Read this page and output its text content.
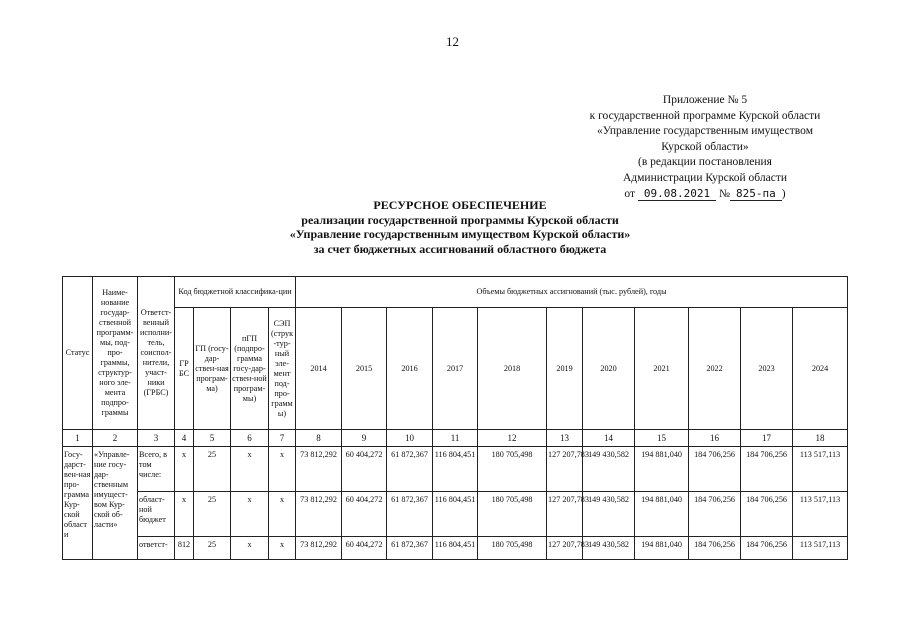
12
Приложение № 5
к государственной программе Курской области
«Управление государственным имуществом
Курской области»
(в редакции постановления
Администрации Курской области
от 09.08.2021 № 825-па )
РЕСУРСНОЕ ОБЕСПЕЧЕНИЕ
реализации государственной программы Курской области
«Управление государственным имуществом Курской области»
за счет бюджетных ассигнований областного бюджета
Статус	Наиме-нование государ-ственной программ-мы, под-про-граммы, структур-ного эле-мента подпро-граммы	Ответст-венный исполни-тель, соиспол-нители, участ-ники (ГРБС)	Код бюджетной классифика-ции				Объемы бюджетных ассигнований (тыс. рублей), годы										
			ГР БС	ГП (госу-дар-ствен-ная програм-ма)	пГП (подпро-грамма госу-дар-ствен-ной програм-мы)	СЭП (струк-тур-ный эле-мент под-про-граммы)	2014	2015	2016	2017	2018	2019	2020	2021	2022	2023	2024
1	2	3	4	5	6	7	8	9	10	11	12	13	14	15	16	17	18
Госу-дарст-вен-ная про-грамма Кур-ской области	«Управле-ние госу-дар-ственным имущест-вом Кур-ской об-ласти»	Всего, в том числе:	x	25	x	x	73 812,292	60 404,272	61 872,367	116 804,451	180 705,498	127 207,783	149 430,582	194 881,040	184 706,256	184 706,256	113 517,113
		област-ной бюджет	x	25	x	x	73 812,292	60 404,272	61 872,367	116 804,451	180 705,498	127 207,783	149 430,582	194 881,040	184 706,256	184 706,256	113 517,113
		ответст-	812	25	x	x	73 812,292	60 404,272	61 872,367	116 804,451	180 705,498	127 207,783	149 430,582	194 881,040	184 706,256	184 706,256	113 517,113
